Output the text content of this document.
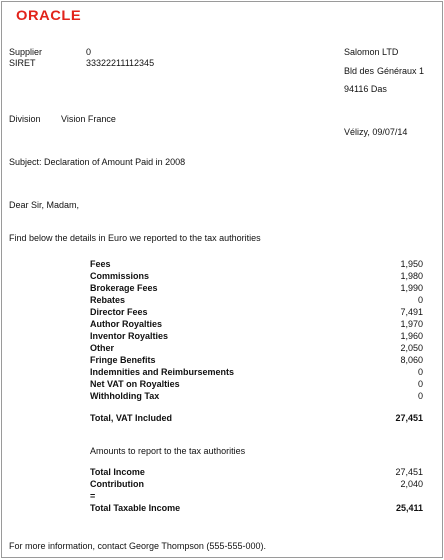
ORACLE
Supplier	0
SIRET	33322211112345
Salomon LTD
Bld des Généraux 1
94116 Das
Division Vision France
Vélizy, 09/07/14
Subject: Declaration of Amount Paid in 2008
Dear Sir, Madam,
Find below the details in Euro we reported to the tax authorities
Fees	1,950
Commissions	1,980
Brokerage Fees	1,990
Rebates	0
Director Fees	7,491
Author Royalties	1,970
Inventor Royalties	1,960
Other	2,050
Fringe Benefits	8,060
Indemnities and Reimbursements	0
Net VAT on Royalties	0
Withholding Tax	0
Total, VAT Included	27,451
Amounts to report to the tax authorities
Total Income	27,451
Contribution	2,040
=
Total Taxable Income	25,411
For more information, contact George Thompson (555-555-000).
